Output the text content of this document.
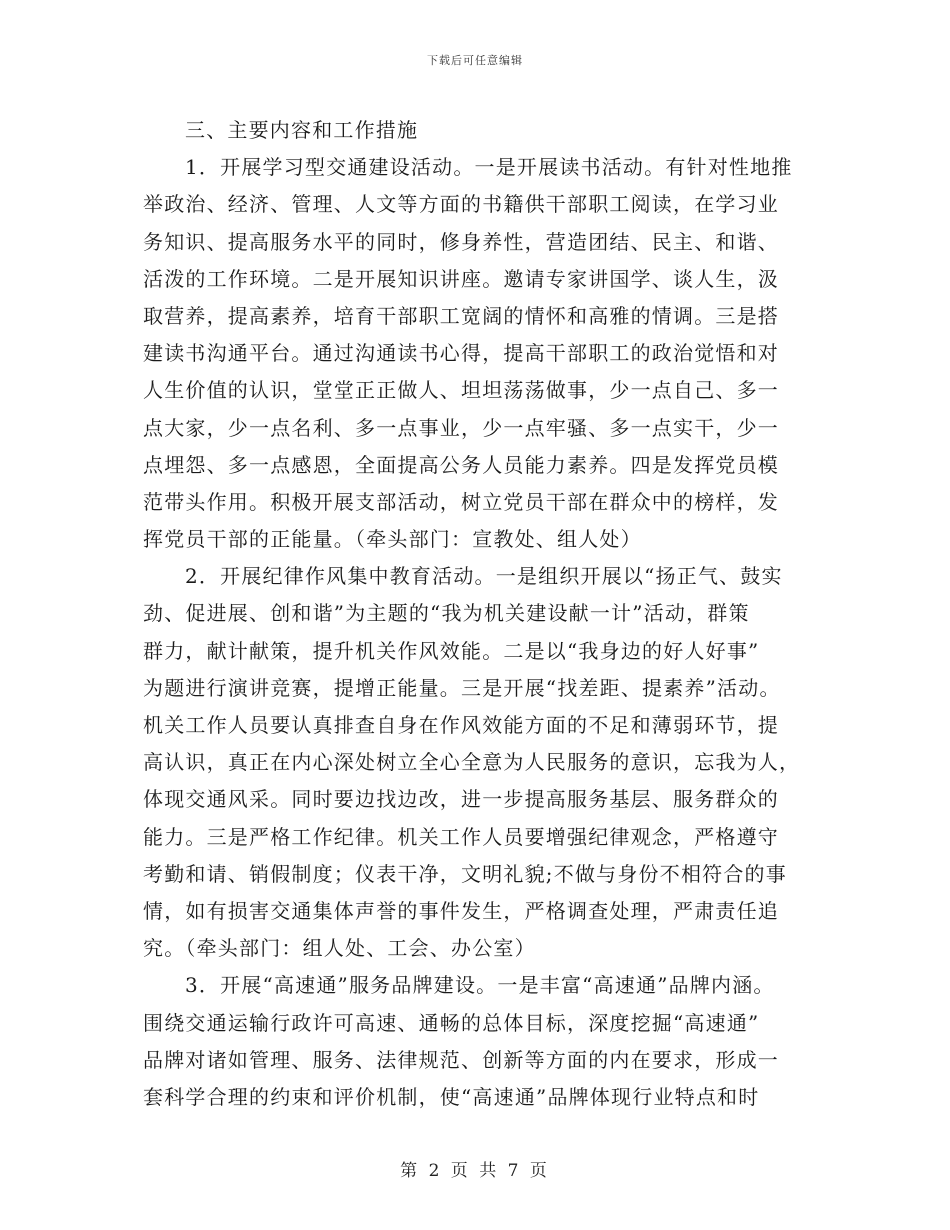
下载后可任意编辑
三、主要内容和工作措施
1．开展学习型交通建设活动。一是开展读书活动。有针对性地推
举政治、经济、管理、人文等方面的书籍供干部职工阅读，在学习业
务知识、提高服务水平的同时，修身养性，营造团结、民主、和谐、
活泼的工作环境。二是开展知识讲座。邀请专家讲国学、谈人生，汲
取营养，提高素养，培育干部职工宽阔的情怀和高雅的情调。三是搭
建读书沟通平台。通过沟通读书心得，提高干部职工的政治觉悟和对
人生价值的认识，堂堂正正做人、坦坦荡荡做事，少一点自己、多一
点大家，少一点名利、多一点事业，少一点牢骚、多一点实干，少一
点埋怨、多一点感恩，全面提高公务人员能力素养。四是发挥党员模
范带头作用。积极开展支部活动，树立党员干部在群众中的榜样，发
挥党员干部的正能量。（牵头部门：宣教处、组人处）
2．开展纪律作风集中教育活动。一是组织开展以“扬正气、鼓实
劲、促进展、创和谐”为主题的“我为机关建设献一计”活动，群策
群力，献计献策，提升机关作风效能。二是以“我身边的好人好事”
为题进行演讲竞赛，提增正能量。三是开展“找差距、提素养”活动。
机关工作人员要认真排查自身在作风效能方面的不足和薄弱环节，提
高认识，真正在内心深处树立全心全意为人民服务的意识，忘我为人，
体现交通风采。同时要边找边改，进一步提高服务基层、服务群众的
能力。三是严格工作纪律。机关工作人员要增强纪律观念，严格遵守
考勤和请、销假制度；仪表干净，文明礼貌;不做与身份不相符合的事
情，如有损害交通集体声誉的事件发生，严格调查处理，严肃责任追
究。（牵头部门：组人处、工会、办公室）
3．开展“高速通”服务品牌建设。一是丰富“高速通”品牌内涵。
围绕交通运输行政许可高速、通畅的总体目标，深度挖掘“高速通”
品牌对诸如管理、服务、法律规范、创新等方面的内在要求，形成一
套科学合理的约束和评价机制，使“高速通”品牌体现行业特点和时
第 2 页 共 7 页
